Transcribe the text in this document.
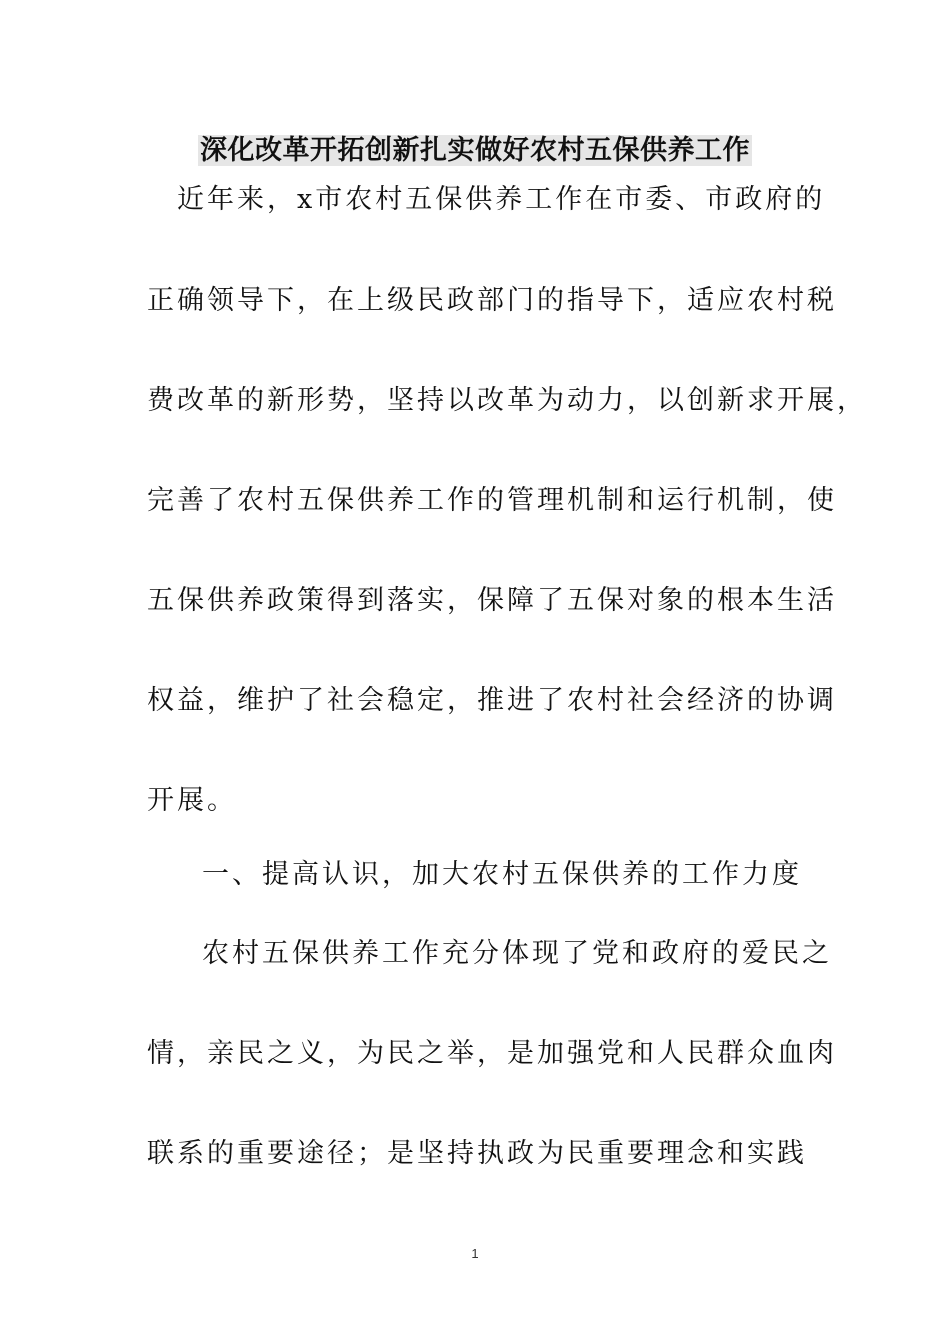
深化改革开拓创新扎实做好农村五保供养工作
近年来，x市农村五保供养工作在市委、市政府的
正确领导下，在上级民政部门的指导下，适应农村税
费改革的新形势，坚持以改革为动力，以创新求开展，
完善了农村五保供养工作的管理机制和运行机制，使
五保供养政策得到落实，保障了五保对象的根本生活
权益，维护了社会稳定，推进了农村社会经济的协调
开展。
一、提高认识，加大农村五保供养的工作力度
农村五保供养工作充分体现了党和政府的爱民之
情，亲民之义，为民之举，是加强党和人民群众血肉
联系的重要途径；是坚持执政为民重要理念和实践
1
